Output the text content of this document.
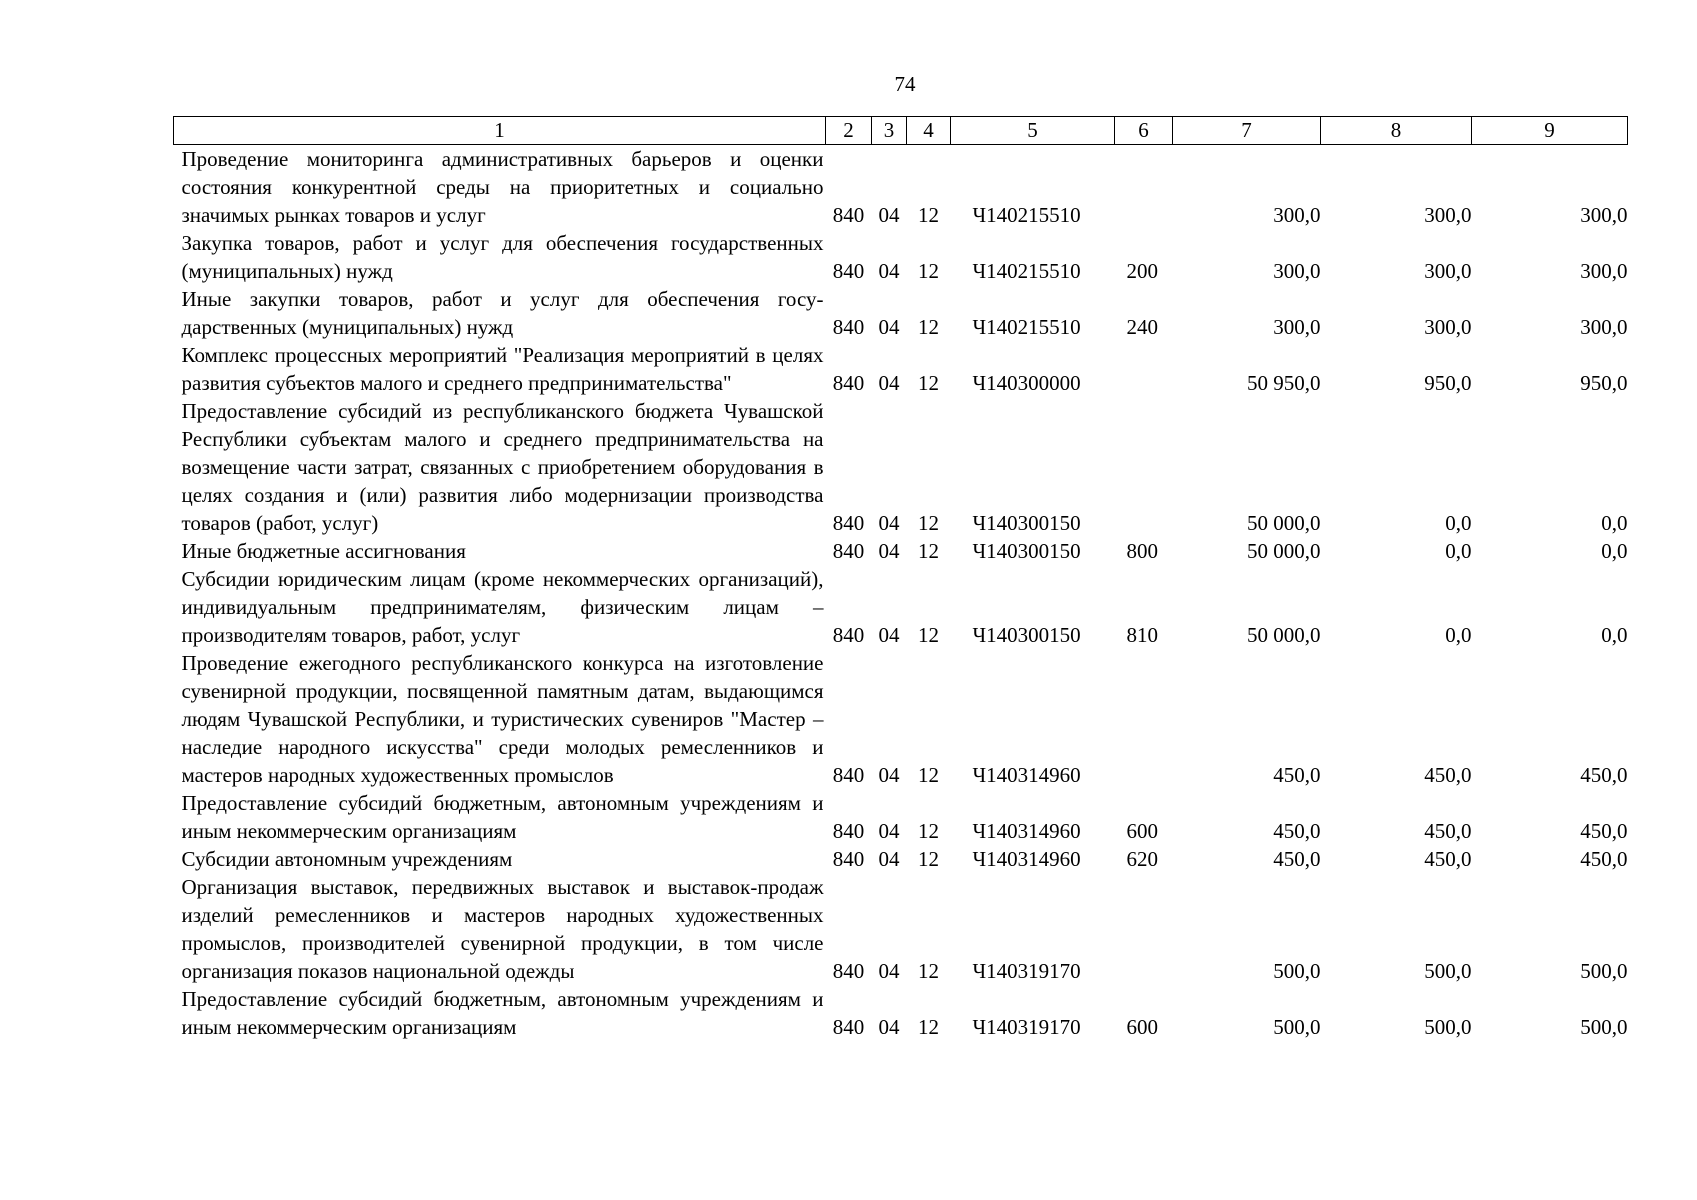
74
1	2	3	4	5	6	7	8	9
Проведение мониторинга административных барьеров и оценки состояния конкурентной среды на приоритетных и социально значимых рынках товаров и услуг	840	04	12	Ч140215510		300,0	300,0	300,0
Закупка товаров, работ и услуг для обеспечения государственных (муниципальных) нужд	840	04	12	Ч140215510	200	300,0	300,0	300,0
Иные закупки товаров, работ и услуг для обеспечения государственных (муниципальных) нужд	840	04	12	Ч140215510	240	300,0	300,0	300,0
Комплекс процессных мероприятий "Реализация мероприятий в целях развития субъектов малого и среднего предпринимательства"	840	04	12	Ч140300000		50 950,0	950,0	950,0
Предоставление субсидий из республиканского бюджета Чувашской Республики субъектам малого и среднего предпринимательства на возмещение части затрат, связанных с приобретением оборудования в целях создания и (или) развития либо модернизации производства товаров (работ, услуг)	840	04	12	Ч140300150		50 000,0	0,0	0,0
Иные бюджетные ассигнования	840	04	12	Ч140300150	800	50 000,0	0,0	0,0
Субсидии юридическим лицам (кроме некоммерческих организаций), индивидуальным предпринимателям, физическим лицам – производителям товаров, работ, услуг	840	04	12	Ч140300150	810	50 000,0	0,0	0,0
Проведение ежегодного республиканского конкурса на изготовление сувенирной продукции, посвященной памятным датам, выдающимся людям Чувашской Республики, и туристических сувениров "Мастер – наследие народного искусства" среди молодых ремесленников и мастеров народных художественных промыслов	840	04	12	Ч140314960		450,0	450,0	450,0
Предоставление субсидий бюджетным, автономным учреждениям и иным некоммерческим организациям	840	04	12	Ч140314960	600	450,0	450,0	450,0
Субсидии автономным учреждениям	840	04	12	Ч140314960	620	450,0	450,0	450,0
Организация выставок, передвижных выставок и выставок-продаж изделий ремесленников и мастеров народных художественных промыслов, производителей сувенирной продукции, в том числе организация показов национальной одежды	840	04	12	Ч140319170		500,0	500,0	500,0
Предоставление субсидий бюджетным, автономным учреждениям и иным некоммерческим организациям	840	04	12	Ч140319170	600	500,0	500,0	500,0
